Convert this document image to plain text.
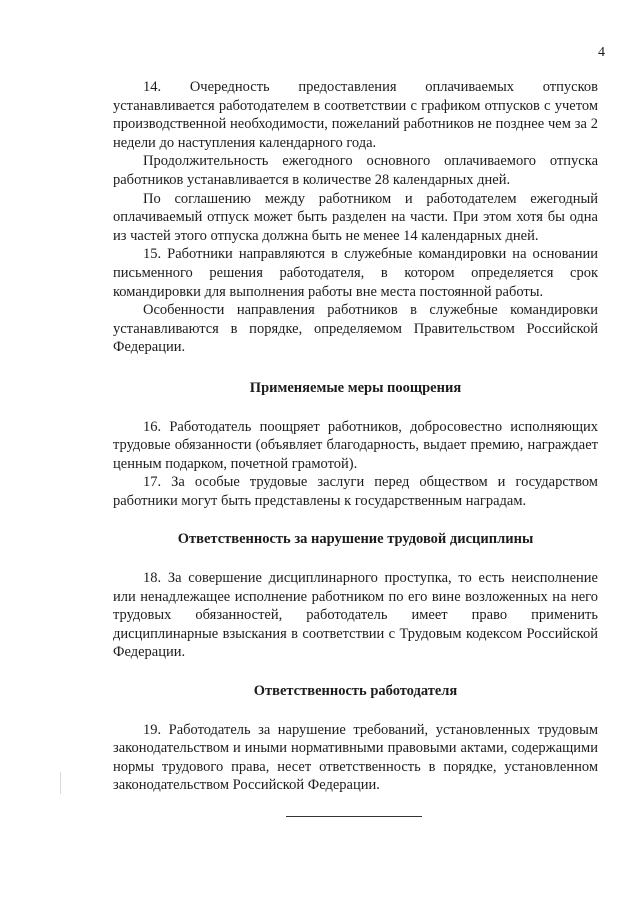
4

14. Очередность предоставления оплачиваемых отпусков устанавливается работодателем в соответствии с графиком отпусков с учетом производственной необходимости, пожеланий работников не позднее чем за 2 недели до наступления календарного года.

Продолжительность ежегодного основного оплачиваемого отпуска работников устанавливается в количестве 28 календарных дней.

По соглашению между работником и работодателем ежегодный оплачиваемый отпуск может быть разделен на части. При этом хотя бы одна из частей этого отпуска должна быть не менее 14 календарных дней.

15. Работники направляются в служебные командировки на основании письменного решения работодателя, в котором определяется срок командировки для выполнения работы вне места постоянной работы.

Особенности направления работников в служебные командировки устанавливаются в порядке, определяемом Правительством Российской Федерации.

Применяемые меры поощрения

16. Работодатель поощряет работников, добросовестно исполняющих трудовые обязанности (объявляет благодарность, выдает премию, награждает ценным подарком, почетной грамотой).

17. За особые трудовые заслуги перед обществом и государством работники могут быть представлены к государственным наградам.

Ответственность за нарушение трудовой дисциплины

18. За совершение дисциплинарного проступка, то есть неисполнение или ненадлежащее исполнение работником по его вине возложенных на него трудовых обязанностей, работодатель имеет право применить дисциплинарные взыскания в соответствии с Трудовым кодексом Российской Федерации.

Ответственность работодателя

19. Работодатель за нарушение требований, установленных трудовым законодательством и иными нормативными правовыми актами, содержащими нормы трудового права, несет ответственность в порядке, установленном законодательством Российской Федерации.
